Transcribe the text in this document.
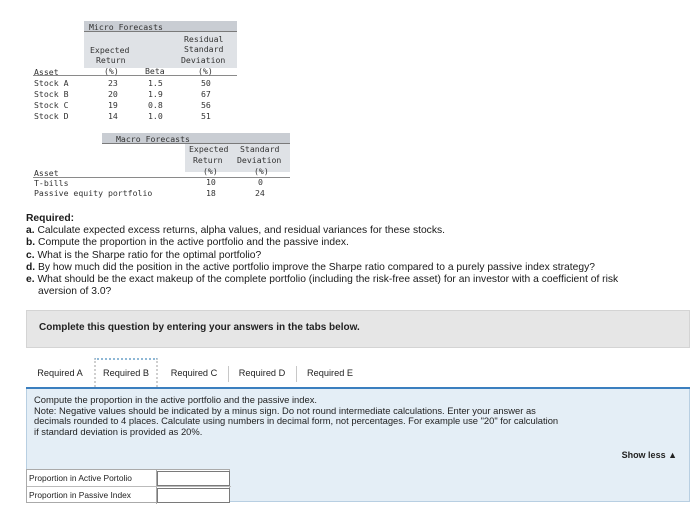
Micro Forecasts
Expected
Return
(%)	Beta
Residual
Standard
Deviation
(%)
Asset
Stock A	23	1.5	50
Stock B	20	1.9	67
Stock C	19	0.8	56
Stock D	14	1.0	51
Macro Forecasts
Expected
Return
(%)
Standard
Deviation
(%)
Asset
T-bills	10	0
Passive equity portfolio	18	24
Required:
a. Calculate expected excess returns, alpha values, and residual variances for these stocks.
b. Compute the proportion in the active portfolio and the passive index.
c. What is the Sharpe ratio for the optimal portfolio?
d. By how much did the position in the active portfolio improve the Sharpe ratio compared to a purely passive index strategy?
e. What should be the exact makeup of the complete portfolio (including the risk-free asset) for an investor with a coefficient of risk
aversion of 3.0?
Complete this question by entering your answers in the tabs below.
Required A	Required B	Required C	Required D	Required E

Compute the proportion in the active portfolio and the passive index.

Note: Negative values should be indicated by a minus sign. Do not round intermediate calculations. Enter your answer as

decimals rounded to 4 places. Calculate using numbers in decimal form, not percentages. For example use "20" for calculation

if standard deviation is provided as 20%.

Show less ▲
Proportion in Active Portolio
Proportion in Passive Index
